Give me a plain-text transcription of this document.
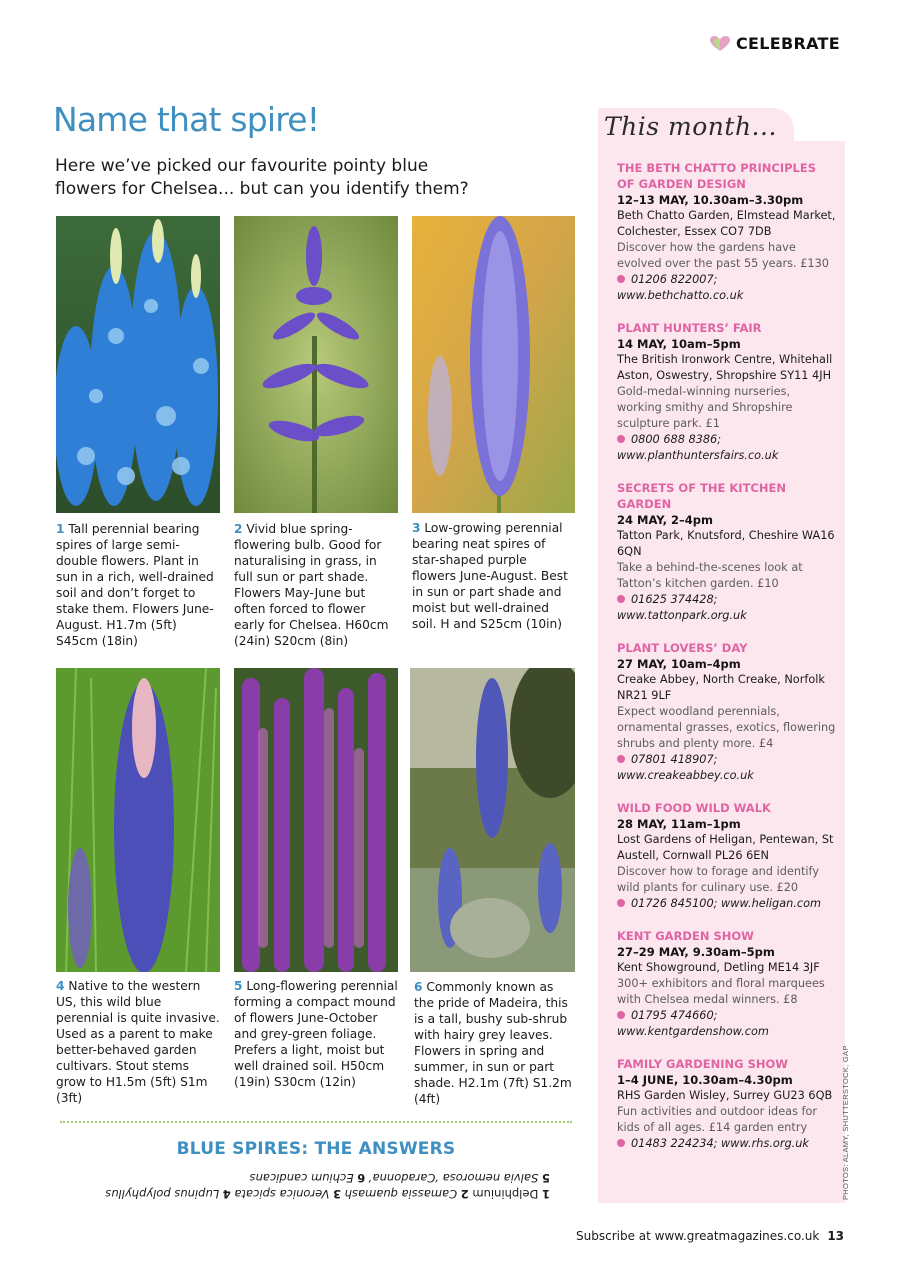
CELEBRATE
Name that spire!

Here we’ve picked our favourite pointy blue flowers for Chelsea... but can you identify them?

1 Tall perennial bearing spires of large semi-double flowers. Plant in sun in a rich, well-drained soil and don’t forget to stake them. Flowers June-August. H1.7m (5ft) S45cm (18in)

2 Vivid blue spring-flowering bulb. Good for naturalising in grass, in full sun or part shade. Flowers May-June but often forced to flower early for Chelsea. H60cm (24in) S20cm (8in)

3 Low-growing perennial bearing neat spires of star-shaped purple flowers June-August. Best in sun or part shade and moist but well-drained soil. H and S25cm (10in)

4 Native to the western US, this wild blue perennial is quite invasive. Used as a parent to make better-behaved garden cultivars. Stout stems grow to H1.5m (5ft) S1m (3ft)

5 Long-flowering perennial forming a compact mound of flowers June-October and grey-green foliage. Prefers a light, moist but well drained soil. H50cm (19in) S30cm (12in)

6 Commonly known as the pride of Madeira, this is a tall, bushy sub-shrub with hairy grey leaves. Flowers in spring and summer, in sun or part shade. H2.1m (7ft) S1.2m (4ft)

BLUE SPIRES: THE ANSWERS
1 Delphinium 2 Camassia quamash 3 Veronica spicata 4 Lupinus polyphyllus
5 Salvia nemorosa ‘Caradonna’ 6 Echium candicans
This month...
THE BETH CHATTO PRINCIPLES OF GARDEN DESIGN
12–13 MAY, 10.30am–3.30pm
Beth Chatto Garden, Elmstead Market, Colchester, Essex CO7 7DB
Discover how the gardens have evolved over the past 55 years. £130
01206 822007; www.bethchatto.co.uk
PLANT HUNTERS’ FAIR
14 MAY, 10am–5pm
The British Ironwork Centre, Whitehall Aston, Oswestry, Shropshire SY11 4JH
Gold-medal-winning nurseries, working smithy and Shropshire sculpture park. £1
0800 688 8386; www.planthuntersfairs.co.uk
SECRETS OF THE KITCHEN GARDEN
24 MAY, 2–4pm
Tatton Park, Knutsford, Cheshire WA16 6QN
Take a behind-the-scenes look at Tatton’s kitchen garden. £10
01625 374428; www.tattonpark.org.uk
PLANT LOVERS’ DAY
27 MAY, 10am–4pm
Creake Abbey, North Creake, Norfolk NR21 9LF
Expect woodland perennials, ornamental grasses, exotics, flowering shrubs and plenty more. £4
07801 418907; www.creakeabbey.co.uk
WILD FOOD WILD WALK
28 MAY, 11am–1pm
Lost Gardens of Heligan, Pentewan, St Austell, Cornwall PL26 6EN
Discover how to forage and identify wild plants for culinary use. £20
01726 845100; www.heligan.com
KENT GARDEN SHOW
27–29 MAY, 9.30am–5pm
Kent Showground, Detling ME14 3JF
300+ exhibitors and floral marquees with Chelsea medal winners. £8
01795 474660; www.kentgardenshow.com
FAMILY GARDENING SHOW
1–4 JUNE, 10.30am–4.30pm
RHS Garden Wisley, Surrey GU23 6QB
Fun activities and outdoor ideas for kids of all ages. £14 garden entry
01483 224234; www.rhs.org.uk	PHOTOS: ALAMY, SHUTTERSTOCK, GAP
Subscribe at www.greatmagazines.co.uk 13
